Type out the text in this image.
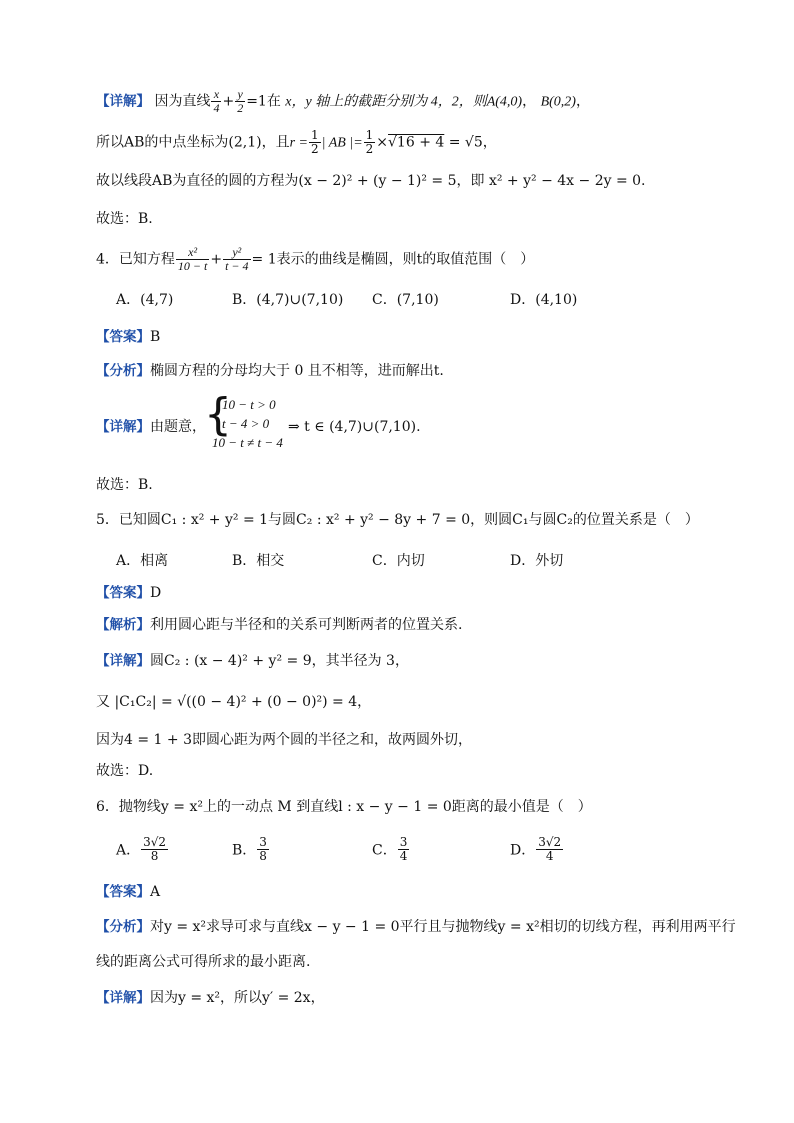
【详解】 因为直线 $\frac{x}{4} + \frac{y}{2} =1$在 x，y 轴上的截距分别为 4，2，则A(4,0)， B(0,2)，
所以AB的中点坐标为(2,1)，且$r = \frac{1}{2}$ | AB |= $\frac{1}{2} \times√16 + 4 = √5$，
故以线段AB为直径的圆的方程为(x − 2)² + (y − 1)² = 5，即 x² + y² − 4x − 2y = 0.
故选：B.
4．已知方程 $\frac{\text{x²}}{10 - t} + \frac{\text{y²}}{t - 4} = 1$表示的曲线是椭圆，则t的取值范围（　）
A．(4,7)	B．(4,7)∪(7,10) C．(7,10)	D．(4,10)
【答案】B
【分析】椭圆方程的分母均大于 0 且不相等，进而解出t.
【详解】由题意，
{
10 − t > 0
t − 4 > 0
10 − t ≠ t − 4
⇒ t ∈ (4,7)∪(7,10).
故选：B.
5．已知圆C₁ : x² + y² = 1与圆C₂ : x² + y² − 8y + 7 = 0，则圆C₁与圆C₂的位置关系是（　）
A．相离	B．相交	C．内切	D．外切
【答案】D
【解析】利用圆心距与半径和的关系可判断两者的位置关系.
【详解】圆C₂ : (x − 4)² + y² = 9，其半径为 3，
又 |C₁C₂| = √((0 − 4)² + (0 − 0)²) = 4，
因为4 = 1 + 3即圆心距为两个圆的半径之和，故两圆外切，
故选：D.
6．抛物线y = x²上的一动点 M 到直线l : x − y − 1 = 0距离的最小值是（　）
A． $\frac{3√2}{8}$	B． $\frac{3}{8}$	C． $\frac{3}{4}$	D． $\frac{3√2}{4}$
【答案】A
【分析】对y = x²求导可求与直线x − y − 1 = 0平行且与抛物线y = x²相切的切线方程，再利用两平行
线的距离公式可得所求的最小距离.
【详解】因为y = x²，所以y′ = 2x，
